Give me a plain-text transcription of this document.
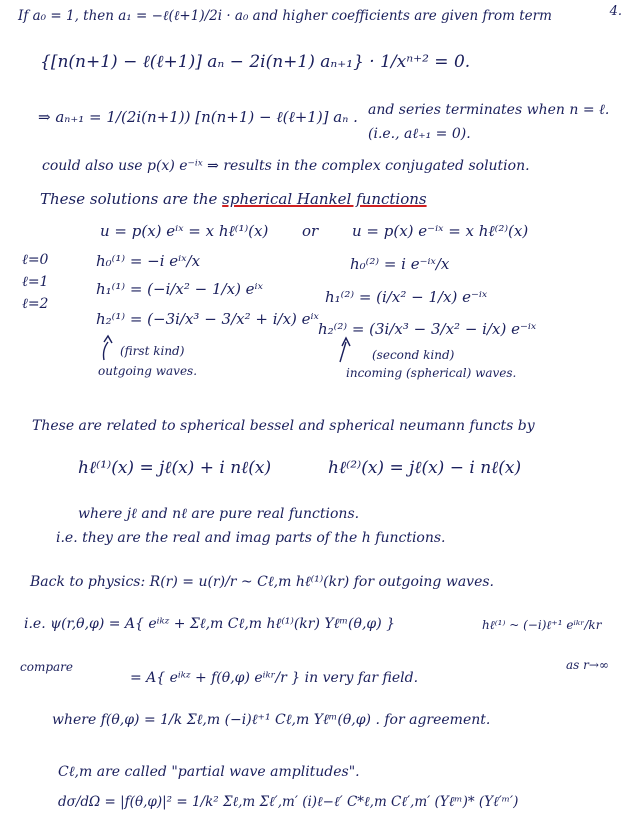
4.
If a₀ = 1, then a₁ = −ℓ(ℓ+1)/2i · a₀ and higher coefficients are given from term
{[n(n+1) − ℓ(ℓ+1)] aₙ − 2i(n+1) aₙ₊₁} · 1/xⁿ⁺² = 0.
⇒ aₙ₊₁ = 1/(2i(n+1)) [n(n+1) − ℓ(ℓ+1)] aₙ . and series terminates when n = ℓ.
(i.e., aℓ₊₁ = 0).
could also use p(x) e⁻ⁱˣ ⇒ results in the complex conjugated solution.
These solutions are the spherical Hankel functions
u = p(x) eⁱˣ = x hℓ⁽¹⁾(x) or u = p(x) e⁻ⁱˣ = x hℓ⁽²⁾(x)
ℓ=0
ℓ=1
ℓ=2
h₀⁽¹⁾ = −i eⁱˣ/x
h₁⁽¹⁾ = (−i/x² − 1/x) eⁱˣ
h₂⁽¹⁾ = (−3i/x³ − 3/x² + i/x) eⁱˣ
h₀⁽²⁾ = i e⁻ⁱˣ/x
h₁⁽²⁾ = (i/x² − 1/x) e⁻ⁱˣ
h₂⁽²⁾ = (3i/x³ − 3/x² − i/x) e⁻ⁱˣ
(first kind)
outgoing waves.
(second kind)
incoming (spherical) waves.
These are related to spherical bessel and spherical neumann functs by
hℓ⁽¹⁾(x) = jℓ(x) + i nℓ(x)	hℓ⁽²⁾(x) = jℓ(x) − i nℓ(x)
where jℓ and nℓ are pure real functions.
i.e. they are the real and imag parts of the h functions.
Back to physics: R(r) = u(r)/r ~ Cℓ,m hℓ⁽¹⁾(kr) for outgoing waves.
i.e. ψ(r,θ,φ) = A{ eⁱᵏᶻ + Σℓ,m Cℓ,m hℓ⁽¹⁾(kr) Yℓᵐ(θ,φ) }	hℓ⁽¹⁾ ~ (−i)ℓ⁺¹ eⁱᵏʳ/kr
compare
= A{ eⁱᵏᶻ + f(θ,φ) eⁱᵏʳ/r } in very far field.
as r→∞
where f(θ,φ) = 1/k Σℓ,m (−i)ℓ⁺¹ Cℓ,m Yℓᵐ(θ,φ) . for agreement.
Cℓ,m are called "partial wave amplitudes".
dσ/dΩ = |f(θ,φ)|² = 1/k² Σℓ,m Σℓ′,m′ (i)ℓ−ℓ′ C*ℓ,m Cℓ′,m′ (Yℓᵐ)* (Yℓ′ᵐ′)
